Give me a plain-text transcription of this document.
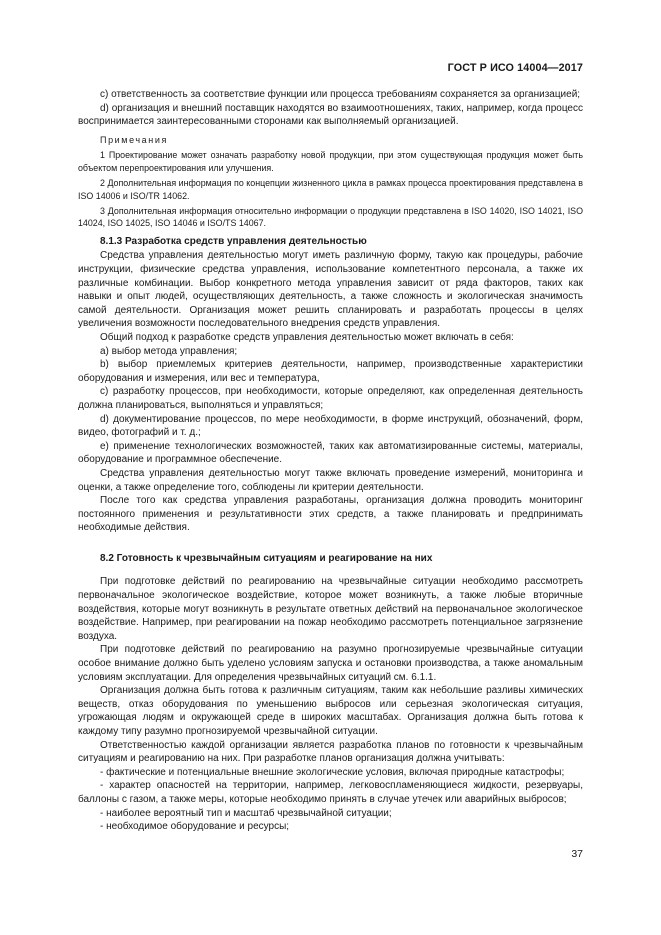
ГОСТ Р ИСО 14004—2017

с) ответственность за соответствие функции или процесса требованиям сохраняется за организацией;

d) организация и внешний поставщик находятся во взаимоотношениях, таких, например, когда процесс воспринимается заинтересованными сторонами как выполняемый организацией.

Примечания

1 Проектирование может означать разработку новой продукции, при этом существующая продукция может быть объектом перепроектирования или улучшения.

2 Дополнительная информация по концепции жизненного цикла в рамках процесса проектирования представлена в ISO 14006 и ISO/TR 14062.

3 Дополнительная информация относительно информации о продукции представлена в ISO 14020, ISO 14021, ISO 14024, ISO 14025, ISO 14046 и ISO/TS 14067.

8.1.3 Разработка средств управления деятельностью

Средства управления деятельностью могут иметь различную форму, такую как процедуры, рабочие инструкции, физические средства управления, использование компетентного персонала, а также их различные комбинации. Выбор конкретного метода управления зависит от ряда факторов, таких как навыки и опыт людей, осуществляющих деятельность, а также сложность и экологическая значимость самой деятельности. Организация может решить спланировать и разработать процессы в целях увеличения возможности последовательного внедрения средств управления.

Общий подход к разработке средств управления деятельностью может включать в себя:

а) выбор метода управления;

b) выбор приемлемых критериев деятельности, например, производственные характеристики оборудования и измерения, или вес и температура,

с) разработку процессов, при необходимости, которые определяют, как определенная деятельность должна планироваться, выполняться и управляться;

d) документирование процессов, по мере необходимости, в форме инструкций, обозначений, форм, видео, фотографий и т. д.;

е) применение технологических возможностей, таких как автоматизированные системы, материалы, оборудование и программное обеспечение.

Средства управления деятельностью могут также включать проведение измерений, мониторинга и оценки, а также определение того, соблюдены ли критерии деятельности.

После того как средства управления разработаны, организация должна проводить мониторинг постоянного применения и результативности этих средств, а также планировать и предпринимать необходимые действия.

8.2 Готовность к чрезвычайным ситуациям и реагирование на них

При подготовке действий по реагированию на чрезвычайные ситуации необходимо рассмотреть первоначальное экологическое воздействие, которое может возникнуть, а также любые вторичные воздействия, которые могут возникнуть в результате ответных действий на первоначальное экологическое воздействие. Например, при реагировании на пожар необходимо рассмотреть потенциальное загрязнение воздуха.

При подготовке действий по реагированию на разумно прогнозируемые чрезвычайные ситуации особое внимание должно быть уделено условиям запуска и остановки производства, а также аномальным условиям эксплуатации. Для определения чрезвычайных ситуаций см. 6.1.1.

Организация должна быть готова к различным ситуациям, таким как небольшие разливы химических веществ, отказ оборудования по уменьшению выбросов или серьезная экологическая ситуация, угрожающая людям и окружающей среде в широких масштабах. Организация должна быть готова к каждому типу разумно прогнозируемой чрезвычайной ситуации.

Ответственностью каждой организации является разработка планов по готовности к чрезвычайным ситуациям и реагированию на них. При разработке планов организация должна учитывать:

- фактические и потенциальные внешние экологические условия, включая природные катастрофы;

- характер опасностей на территории, например, легковоспламеняющиеся жидкости, резервуары, баллоны с газом, а также меры, которые необходимо принять в случае утечек или аварийных выбросов;

- наиболее вероятный тип и масштаб чрезвычайной ситуации;

- необходимое оборудование и ресурсы;

37
